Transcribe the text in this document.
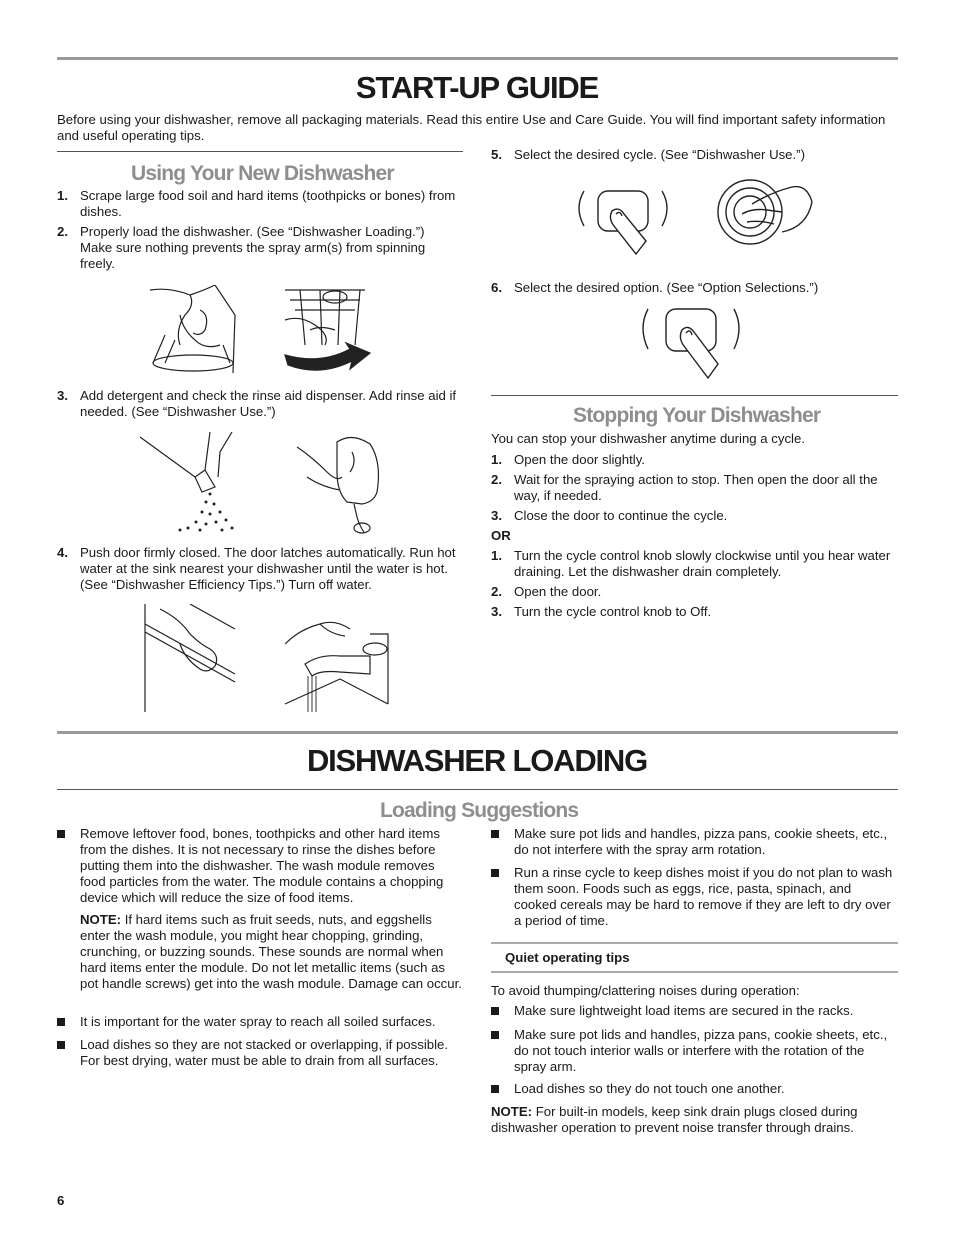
START-UP GUIDE

Before using your dishwasher, remove all packaging materials. Read this entire Use and Care Guide. You will find important safety information and useful operating tips.

Using Your New Dishwasher
1. Scrape large food soil and hard items (toothpicks or bones) from dishes.
2. Properly load the dishwasher. (See “Dishwasher Loading.”) Make sure nothing prevents the spray arm(s) from spinning freely.
3. Add detergent and check the rinse aid dispenser. Add rinse aid if needed. (See “Dishwasher Use.”)
4. Push door firmly closed. The door latches automatically. Run hot water at the sink nearest your dishwasher until the water is hot. (See “Dishwasher Efficiency Tips.”) Turn off water.
5. Select the desired cycle. (See “Dishwasher Use.”)
6. Select the desired option. (See “Option Selections.”)
Stopping Your Dishwasher

You can stop your dishwasher anytime during a cycle.

1. Open the door slightly.
2. Wait for the spraying action to stop. Then open the door all the way, if needed.
3. Close the door to continue the cycle.
OR
1. Turn the cycle control knob slowly clockwise until you hear water draining. Let the dishwasher drain completely.
2. Open the door.
3. Turn the cycle control knob to Off.
DISHWASHER LOADING
Loading Suggestions
Remove leftover food, bones, toothpicks and other hard items from the dishes. It is not necessary to rinse the dishes before putting them into the dishwasher. The wash module removes food particles from the water. The module contains a chopping device which will reduce the size of food items.

NOTE: If hard items such as fruit seeds, nuts, and eggshells enter the wash module, you might hear chopping, grinding, crunching, or buzzing sounds. These sounds are normal when hard items enter the module. Do not let metallic items (such as pot handle screws) get into the wash module. Damage can occur.

It is important for the water spray to reach all soiled surfaces.
Load dishes so they are not stacked or overlapping, if possible. For best drying, water must be able to drain from all surfaces.
Make sure pot lids and handles, pizza pans, cookie sheets, etc., do not interfere with the spray arm rotation.
Run a rinse cycle to keep dishes moist if you do not plan to wash them soon. Foods such as eggs, rice, pasta, spinach, and cooked cereals may be hard to remove if they are left to dry over a period of time.
Quiet operating tips

To avoid thumping/clattering noises during operation:

Make sure lightweight load items are secured in the racks.
Make sure pot lids and handles, pizza pans, cookie sheets, etc., do not touch interior walls or interfere with the rotation of the spray arm.
Load dishes so they do not touch one another.

NOTE: For built-in models, keep sink drain plugs closed during dishwasher operation to prevent noise transfer through drains.

6
